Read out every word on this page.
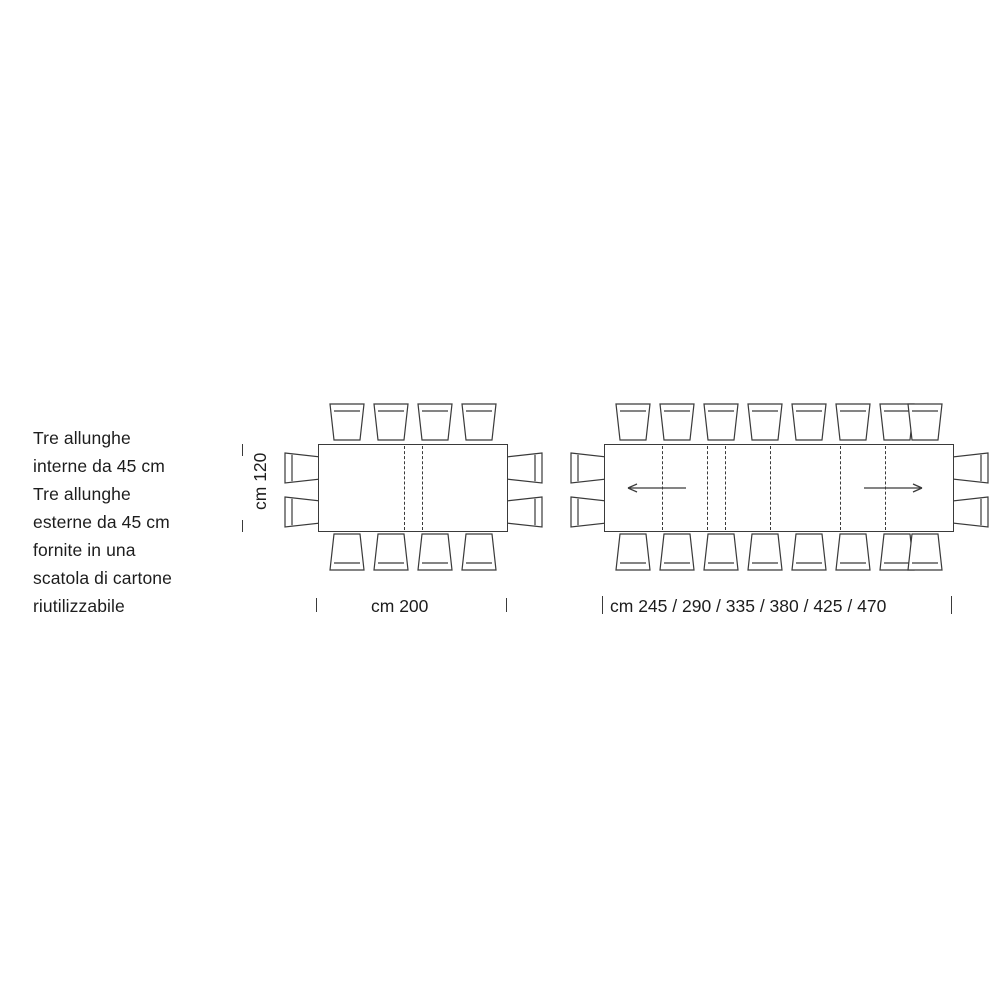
Tre allunghe
interne da 45 cm
Tre allunghe
esterne da 45 cm
fornite in una
scatola di cartone
riutilizzabile
cm 120
cm 200	cm 245 / 290 / 335 / 380 / 425 / 470
